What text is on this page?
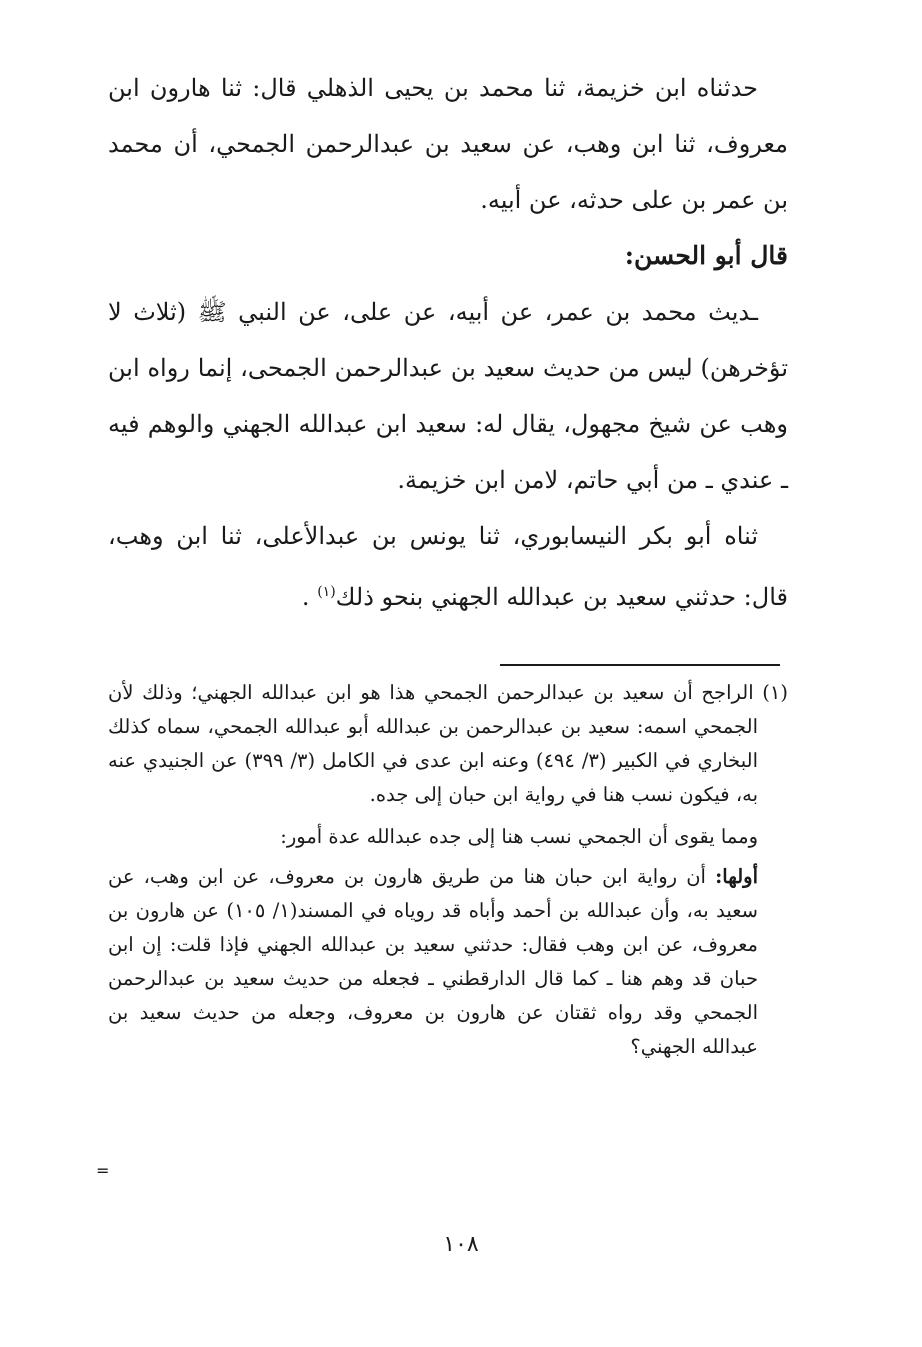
حدثناه ابن خزيمة، ثنا محمد بن يحيى الذهلي قال: ثنا هارون ابن معروف، ثنا ابن وهب، عن سعيد بن عبدالرحمن الجمحي، أن محمد بن عمر بن على حدثه، عن أبيه.

قال أبو الحسن:

ـديث محمد بن عمر، عن أبيه، عن على، عن النبي ﷺ (ثلاث لا تؤخرهن) ليس من حديث سعيد بن عبدالرحمن الجمحى، إنما رواه ابن وهب عن شيخ مجهول، يقال له: سعيد ابن عبدالله الجهني والوهم فيه ـ عندي ـ من أبي حاتم، لامن ابن خزيمة.

ثناه أبو بكر النيسابوري، ثنا يونس بن عبدالأعلى، ثنا ابن وهب، قال: حدثني سعيد بن عبدالله الجهني بنحو ذلك$^{(١)}$ .

(١) الراجح أن سعيد بن عبدالرحمن الجمحي هذا هو ابن عبدالله الجهني؛ وذلك لأن الجمحي اسمه: سعيد بن عبدالرحمن بن عبدالله أبو عبدالله الجمحي، سماه كذلك البخاري في الكبير (٣/ ٤٩٤) وعنه ابن عدى في الكامل (٣/ ٣٩٩) عن الجنيدي عنه به، فيكون نسب هنا في رواية ابن حبان إلى جده.

ومما يقوى أن الجمحي نسب هنا إلى جده عبدالله عدة أمور:

أولها: أن رواية ابن حبان هنا من طريق هارون بن معروف، عن ابن وهب، عن سعيد به، وأن عبدالله بن أحمد وأباه قد روياه في المسند(١/ ١٠٥) عن هارون بن معروف، عن ابن وهب فقال: حدثني سعيد بن عبدالله الجهني فإذا قلت: إن ابن حبان قد وهم هنا ـ كما قال الدارقطني ـ فجعله من حديث سعيد بن عبدالرحمن الجمحي وقد رواه ثقتان عن هارون بن معروف، وجعله من حديث سعيد بن عبدالله الجهني؟

=
١٠٨
